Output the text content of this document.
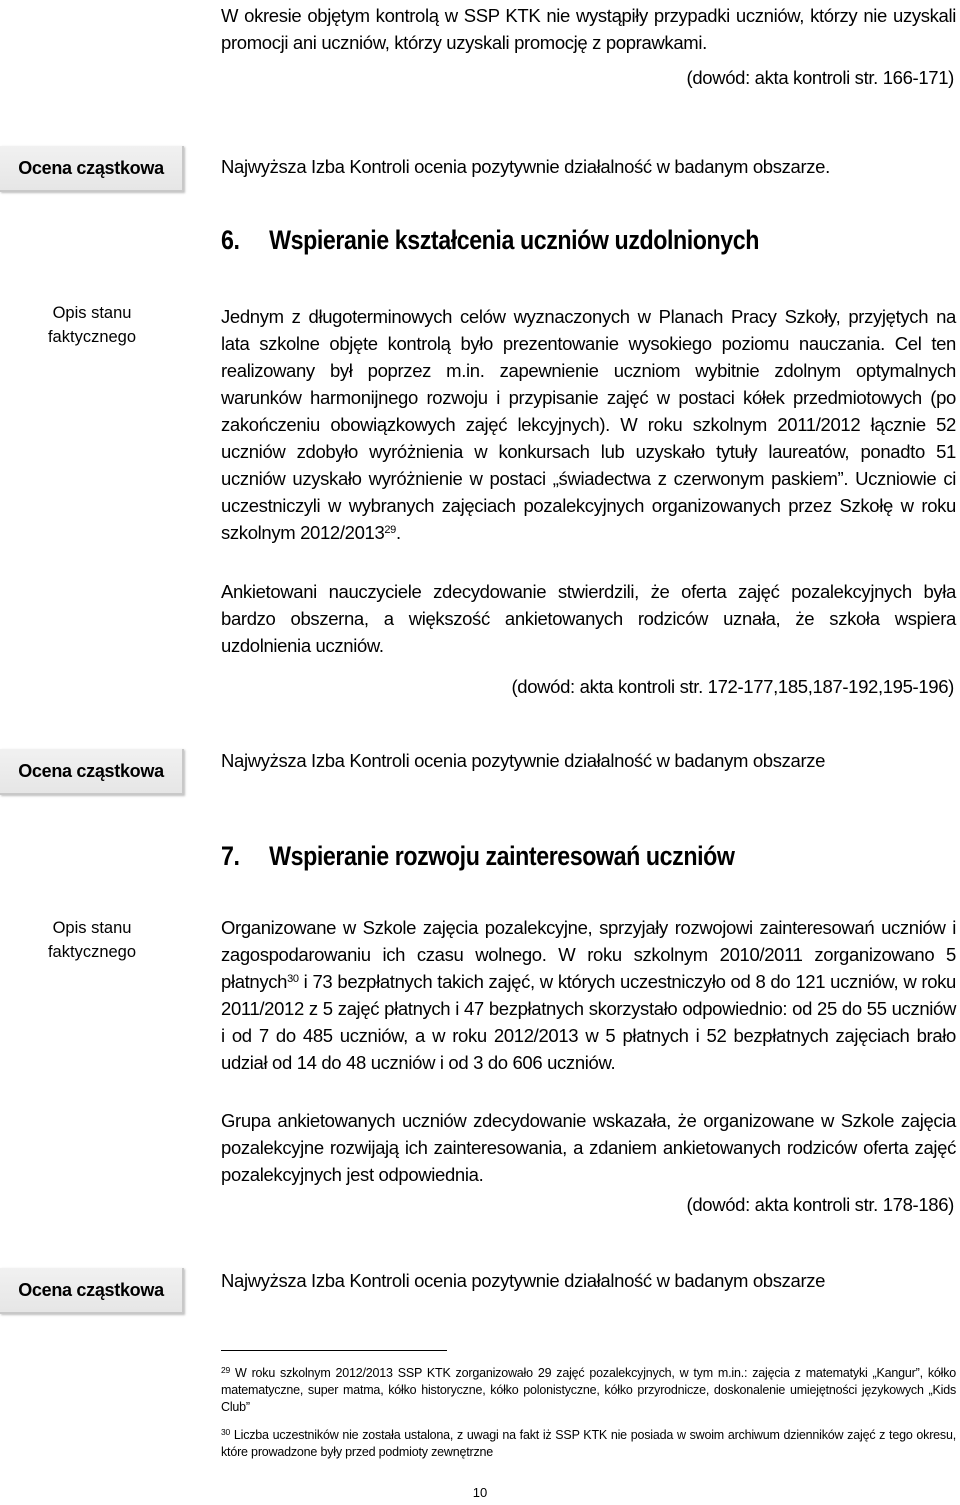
W okresie objętym kontrolą w SSP KTK nie wystąpiły przypadki uczniów, którzy nie uzyskali promocji ani uczniów, którzy uzyskali promocję z poprawkami.

(dowód: akta kontroli str. 166-171)
Ocena cząstkowa	Najwyższa Izba Kontroli ocenia pozytywnie działalność w badanym obszarze.
6. Wspieranie kształcenia uczniów uzdolnionych
Opis stanu
faktycznego

Jednym z długoterminowych celów wyznaczonych w Planach Pracy Szkoły, przyjętych na lata szkolne objęte kontrolą było prezentowanie wysokiego poziomu nauczania. Cel ten realizowany był poprzez m.in. zapewnienie uczniom wybitnie zdolnym optymalnych warunków harmonijnego rozwoju i przypisanie zajęć w postaci kółek przedmiotowych (po zakończeniu obowiązkowych zajęć lekcyjnych). W roku szkolnym 2011/2012 łącznie 52 uczniów zdobyło wyróżnienia w konkursach lub uzyskało tytuły laureatów, ponadto 51 uczniów uzyskało wyróżnienie w postaci „świadectwa z czerwonym paskiem”. Uczniowie ci uczestniczyli w wybranych zajęciach pozalekcyjnych organizowanych przez Szkołę w roku szkolnym 2012/2013$^{29}$.

Ankietowani nauczyciele zdecydowanie stwierdzili, że oferta zajęć pozalekcyjnych była bardzo obszerna, a większość ankietowanych rodziców uznała, że szkoła wspiera uzdolnienia uczniów.

(dowód: akta kontroli str. 172-177,185,187-192,195-196)
Ocena cząstkowa	Najwyższa Izba Kontroli ocenia pozytywnie działalność w badanym obszarze
7. Wspieranie rozwoju zainteresowań uczniów
Opis stanu
faktycznego

Organizowane w Szkole zajęcia pozalekcyjne, sprzyjały rozwojowi zainteresowań uczniów i zagospodarowaniu ich czasu wolnego. W roku szkolnym 2010/2011 zorganizowano 5 płatnych$^{30}$ i 73 bezpłatnych takich zajęć, w których uczestniczyło od 8 do 121 uczniów, w roku 2011/2012 z 5 zajęć płatnych i 47 bezpłatnych skorzystało odpowiednio: od 25 do 55 uczniów i od 7 do 485 uczniów, a w roku 2012/2013 w 5 płatnych i 52 bezpłatnych zajęciach brało udział od 14 do 48 uczniów i od 3 do 606 uczniów.

Grupa ankietowanych uczniów zdecydowanie wskazała, że organizowane w Szkole zajęcia pozalekcyjne rozwijają ich zainteresowania, a zdaniem ankietowanych rodziców oferta zajęć pozalekcyjnych jest odpowiednia.

(dowód: akta kontroli str. 178-186)
Ocena cząstkowa	Najwyższa Izba Kontroli ocenia pozytywnie działalność w badanym obszarze

$^{29}$ W roku szkolnym 2012/2013 SSP KTK zorganizowało 29 zajęć pozalekcyjnych, w tym m.in.: zajęcia z matematyki „Kangur”, kółko matematyczne, super matma, kółko historyczne, kółko polonistyczne, kółko przyrodnicze, doskonalenie umiejętności językowych „Kids Club”

$^{30}$ Liczba uczestników nie została ustalona, z uwagi na fakt iż SSP KTK nie posiada w swoim archiwum dzienników zajęć z tego okresu, które prowadzone były przed podmioty zewnętrzne

10
